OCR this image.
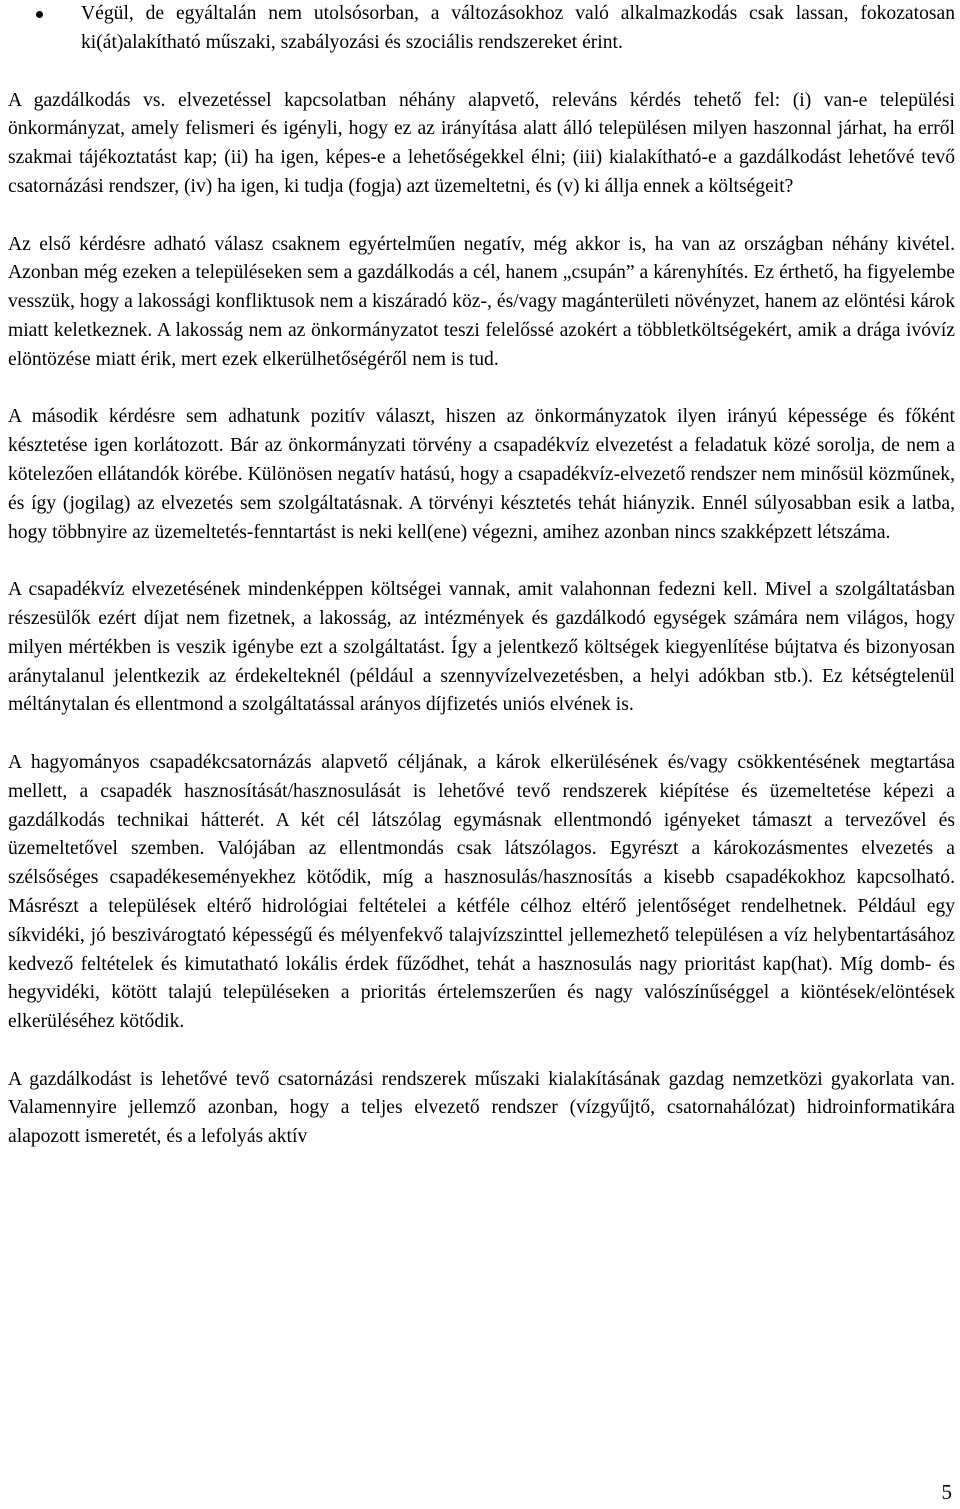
Végül, de egyáltalán nem utolsósorban, a változásokhoz való alkalmazkodás csak lassan, fokozatosan ki(át)alakítható műszaki, szabályozási és szociális rendszereket érint.

A gazdálkodás vs. elvezetéssel kapcsolatban néhány alapvető, releváns kérdés tehető fel: (i) van-e települési önkormányzat, amely felismeri és igényli, hogy ez az irányítása alatt álló településen milyen haszonnal járhat, ha erről szakmai tájékoztatást kap; (ii) ha igen, képes-e a lehetőségekkel élni; (iii) kialakítható-e a gazdálkodást lehetővé tevő csatornázási rendszer, (iv) ha igen, ki tudja (fogja) azt üzemeltetni, és (v) ki állja ennek a költségeit?

Az első kérdésre adható válasz csaknem egyértelműen negatív, még akkor is, ha van az országban néhány kivétel. Azonban még ezeken a településeken sem a gazdálkodás a cél, hanem „csupán” a kárenyhítés. Ez érthető, ha figyelembe vesszük, hogy a lakossági konfliktusok nem a kiszáradó köz-, és/vagy magánterületi növényzet, hanem az elöntési károk miatt keletkeznek. A lakosság nem az önkormányzatot teszi felelőssé azokért a többletköltségekért, amik a drága ivóvíz elöntözése miatt érik, mert ezek elkerülhetőségéről nem is tud.

A második kérdésre sem adhatunk pozitív választ, hiszen az önkormányzatok ilyen irányú képessége és főként késztetése igen korlátozott. Bár az önkormányzati törvény a csapadékvíz elvezetést a feladatuk közé sorolja, de nem a kötelezően ellátandók körébe. Különösen negatív hatású, hogy a csapadékvíz-elvezető rendszer nem minősül közműnek, és így (jogilag) az elvezetés sem szolgáltatásnak. A törvényi késztetés tehát hiányzik. Ennél súlyosabban esik a latba, hogy többnyire az üzemeltetés-fenntartást is neki kell(ene) végezni, amihez azonban nincs szakképzett létszáma.

A csapadékvíz elvezetésének mindenképpen költségei vannak, amit valahonnan fedezni kell. Mivel a szolgáltatásban részesülők ezért díjat nem fizetnek, a lakosság, az intézmények és gazdálkodó egységek számára nem világos, hogy milyen mértékben is veszik igénybe ezt a szolgáltatást. Így a jelentkező költségek kiegyenlítése bújtatva és bizonyosan aránytalanul jelentkezik az érdekelteknél (például a szennyvízelvezetésben, a helyi adókban stb.). Ez kétségtelenül méltánytalan és ellentmond a szolgáltatással arányos díjfizetés uniós elvének is.

A hagyományos csapadékcsatornázás alapvető céljának, a károk elkerülésének és/vagy csökkentésének megtartása mellett, a csapadék hasznosítását/hasznosulását is lehetővé tevő rendszerek kiépítése és üzemeltetése képezi a gazdálkodás technikai hátterét. A két cél látszólag egymásnak ellentmondó igényeket támaszt a tervezővel és üzemeltetővel szemben. Valójában az ellentmondás csak látszólagos. Egyrészt a károkozásmentes elvezetés a szélsőséges csapadékeseményekhez kötődik, míg a hasznosulás/hasznosítás a kisebb csapadékokhoz kapcsolható. Másrészt a települések eltérő hidrológiai feltételei a kétféle célhoz eltérő jelentőséget rendelhetnek. Például egy síkvidéki, jó beszivárogtató képességű és mélyenfekvő talajvízszinttel jellemezhető településen a víz helybentartásához kedvező feltételek és kimutatható lokális érdek fűződhet, tehát a hasznosulás nagy prioritást kap(hat). Míg domb- és hegyvidéki, kötött talajú településeken a prioritás értelemszerűen és nagy valószínűséggel a kiöntések/elöntések elkerüléséhez kötődik.

A gazdálkodást is lehetővé tevő csatornázási rendszerek műszaki kialakításának gazdag nemzetközi gyakorlata van. Valamennyire jellemző azonban, hogy a teljes elvezető rendszer (vízgyűjtő, csatornahálózat) hidroinformatikára alapozott ismeretét, és a lefolyás aktív

5
